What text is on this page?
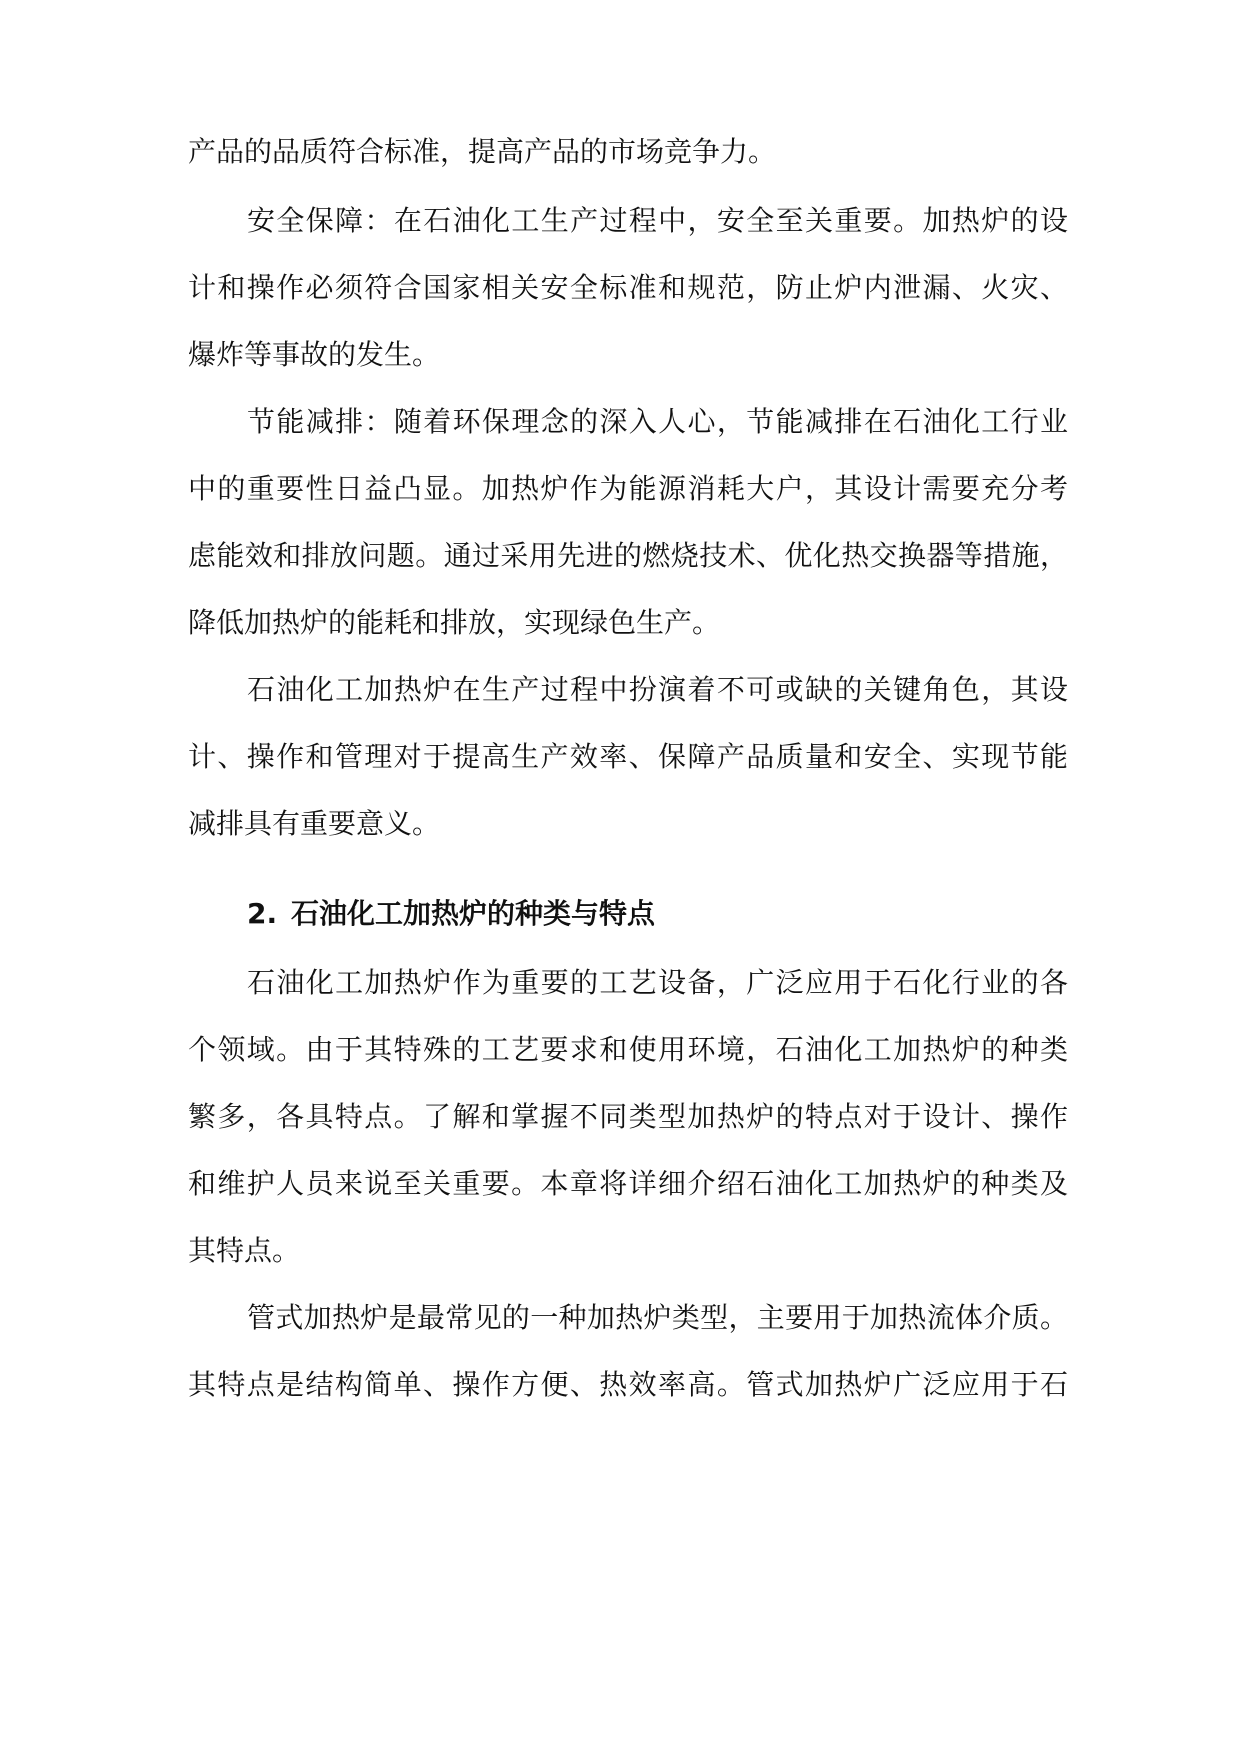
产品的品质符合标准，提高产品的市场竞争力。
安全保障：在石油化工生产过程中，安全至关重要。加热炉的设
计和操作必须符合国家相关安全标准和规范，防止炉内泄漏、火灾、
爆炸等事故的发生。
节能减排：随着环保理念的深入人心，节能减排在石油化工行业
中的重要性日益凸显。加热炉作为能源消耗大户，其设计需要充分考
虑能效和排放问题。通过采用先进的燃烧技术、优化热交换器等措施，
降低加热炉的能耗和排放，实现绿色生产。
石油化工加热炉在生产过程中扮演着不可或缺的关键角色，其设
计、操作和管理对于提高生产效率、保障产品质量和安全、实现节能
减排具有重要意义。
2. 石油化工加热炉的种类与特点
石油化工加热炉作为重要的工艺设备，广泛应用于石化行业的各
个领域。由于其特殊的工艺要求和使用环境，石油化工加热炉的种类
繁多，各具特点。了解和掌握不同类型加热炉的特点对于设计、操作
和维护人员来说至关重要。本章将详细介绍石油化工加热炉的种类及
其特点。
管式加热炉是最常见的一种加热炉类型，主要用于加热流体介质。
其特点是结构简单、操作方便、热效率高。管式加热炉广泛应用于石
